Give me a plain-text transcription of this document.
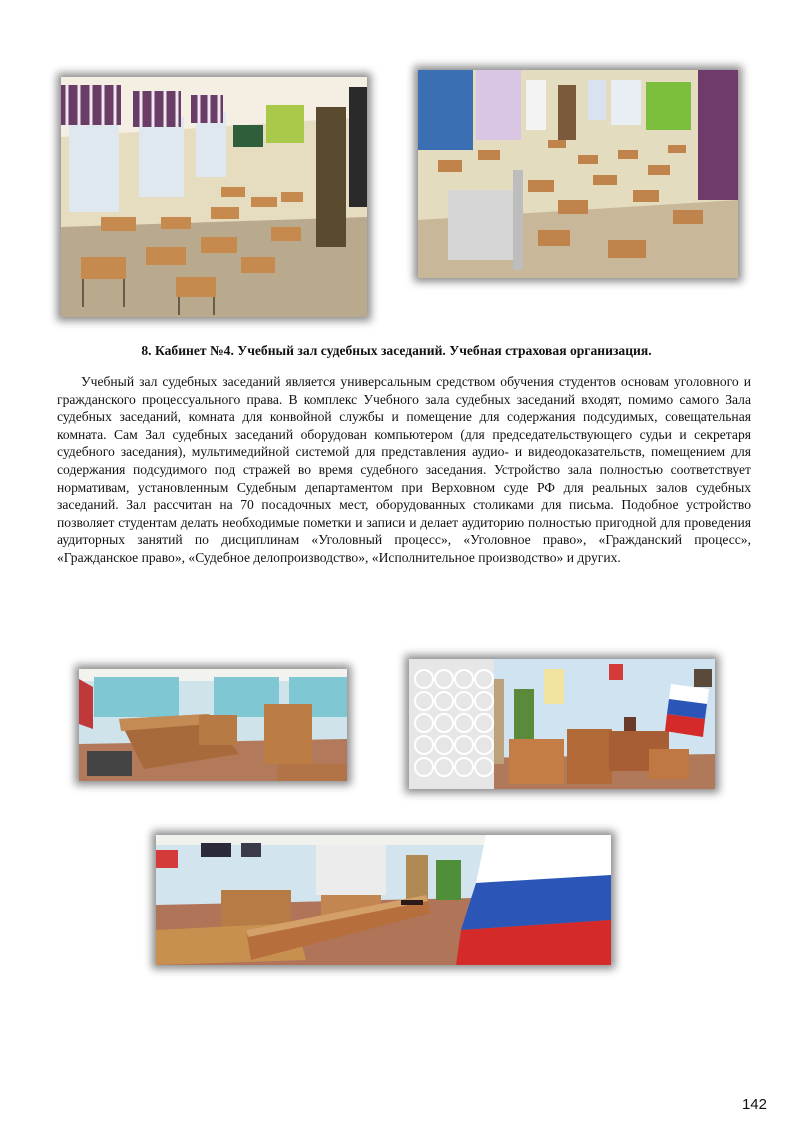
8. Кабинет №4. Учебный зал судебных заседаний. Учебная страховая организация.

Учебный зал судебных заседаний является универсальным средством обучения студентов основам уголовного и гражданского процессуального права. В комплекс Учебного зала судебных заседаний входят, помимо самого Зала судебных заседаний, комната для конвойной службы и помещение для содержания подсудимых, совещательная комната. Сам Зал судебных заседаний оборудован компьютером (для председательствующего судьи и секретаря судебного заседания), мультимедийной системой для представления аудио- и видеодоказательств, помещением для содержания подсудимого под стражей во время судебного заседания. Устройство зала полностью соответствует нормативам, установленным Судебным департаментом при Верховном суде РФ для реальных залов судебных заседаний. Зал рассчитан на 70 посадочных мест, оборудованных столиками для письма. Подобное устройство позволяет студентам делать необходимые пометки и записи и делает аудиторию полностью пригодной для проведения аудиторных занятий по дисциплинам «Уголовный процесс», «Уголовное право», «Гражданский процесс», «Гражданское право», «Судебное делопроизводство», «Исполнительное производство» и других.

142
